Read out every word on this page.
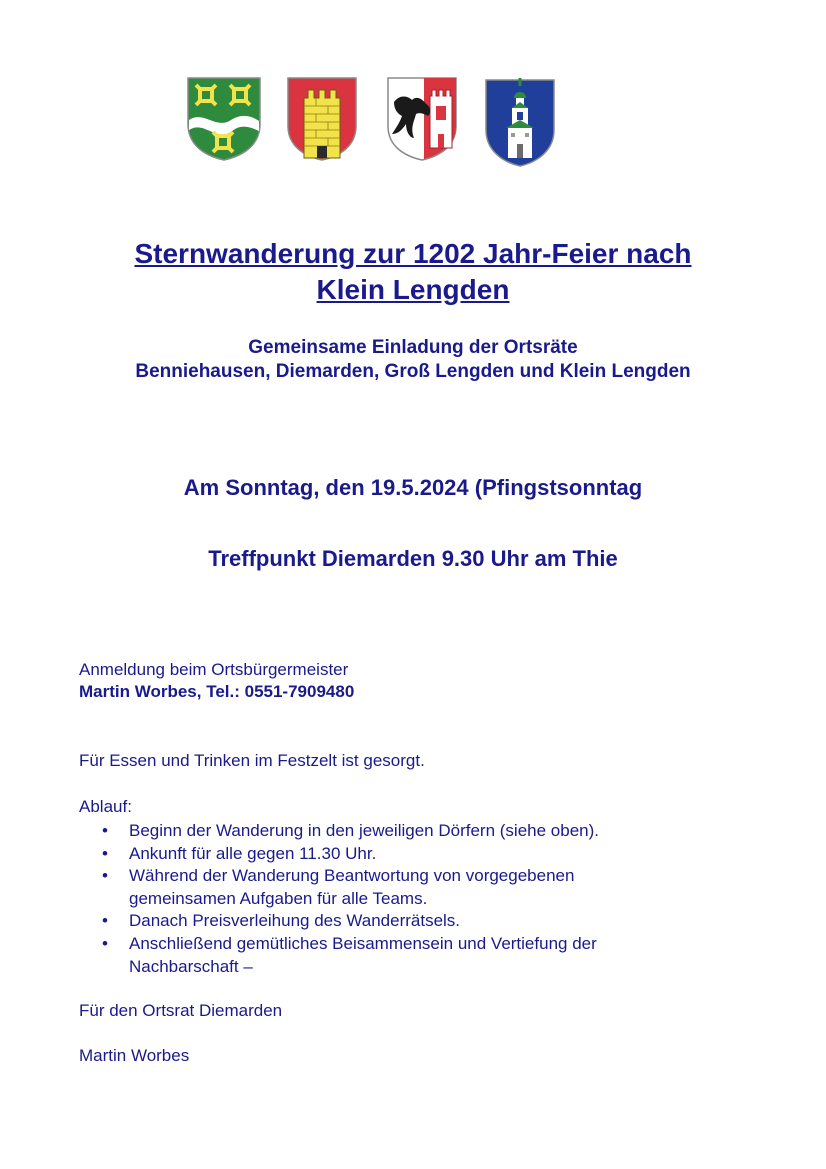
Sternwanderung zur 1202 Jahr-Feier nach
Klein Lengden
Gemeinsame Einladung der Ortsräte
Benniehausen, Diemarden, Groß Lengden und Klein Lengden

Am Sonntag, den 19.5.2024 (Pfingstsonntag

Treffpunkt Diemarden 9.30 Uhr am Thie

Anmeldung beim Ortsbürgermeister
Martin Worbes, Tel.: 0551-7909480

Für Essen und Trinken im Festzelt ist gesorgt.

Ablauf:

• Beginn der Wanderung in den jeweiligen Dörfern (siehe oben).
• Ankunft für alle gegen 11.30 Uhr.
• Während der Wanderung Beantwortung von vorgegebenen gemeinsamen Aufgaben für alle Teams.
• Danach Preisverleihung des Wanderrätsels.
• Anschließend gemütliches Beisammensein und Vertiefung der Nachbarschaft –

Für den Ortsrat Diemarden

Martin Worbes
